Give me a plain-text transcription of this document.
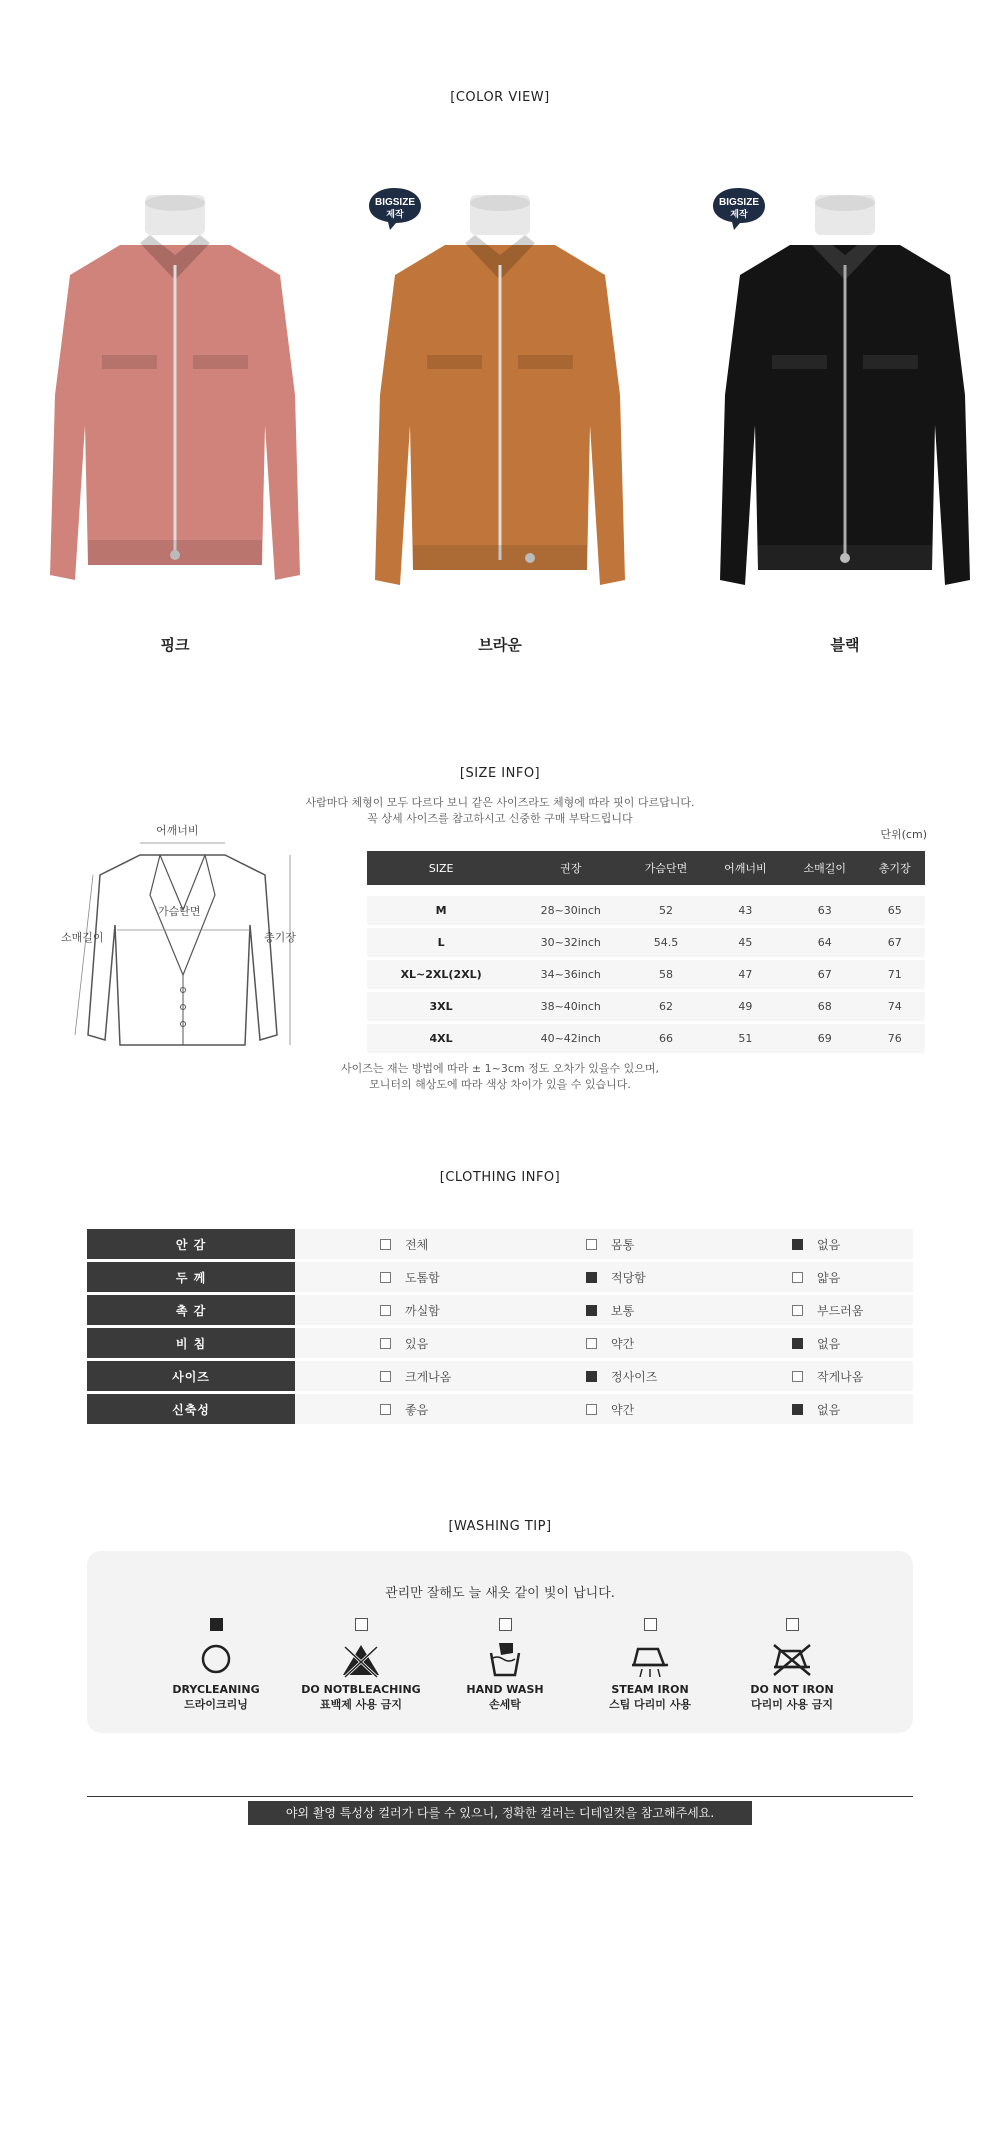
[COLOR VIEW]
BIGSIZE
제작
BIGSIZE
제작
핑크	브라운	블랙
[SIZE INFO]
사람마다 체형이 모두 다르다 보니 같은 사이즈라도 체형에 따라 핏이 다르답니다.
꼭 상세 사이즈를 참고하시고 신중한 구매 부탁드립니다
단위(cm)
어깨너비
가슴단면
소매길이	총기장
SIZE	권장	가슴단면	어깨너비	소매길이	총기장

M	28~30inch	52	43	63	65
L	30~32inch	54.5	45	64	67
XL~2XL(2XL)	34~36inch	58	47	67	71
3XL	38~40inch	62	49	68	74
4XL	40~42inch	66	51	69	76
사이즈는 재는 방법에 따라 ± 1~3cm 정도 오차가 있을수 있으며,
모니터의 해상도에 따라 색상 차이가 있을 수 있습니다.
[CLOTHING INFO]
안 감	전체	몸통	없음
두 께	도톰함	적당함	얇음
촉 감	까실함	보통	부드러움
비 침	있음	약간	없음
사이즈	크게나옴	정사이즈	작게나옴
신축성	좋음	약간	없음
[WASHING TIP]
관리만 잘해도 늘 새옷 같이 빛이 납니다.
DRYCLEANING
드라이크리닝
DO NOTBLEACHING
표백제 사용 금지
HAND WASH
손세탁
STEAM IRON
스팀 다리미 사용
DO NOT IRON
다리미 사용 금지
야외 촬영 특성상 컬러가 다를 수 있으니, 정확한 컬러는 디테일컷을 참고해주세요.
